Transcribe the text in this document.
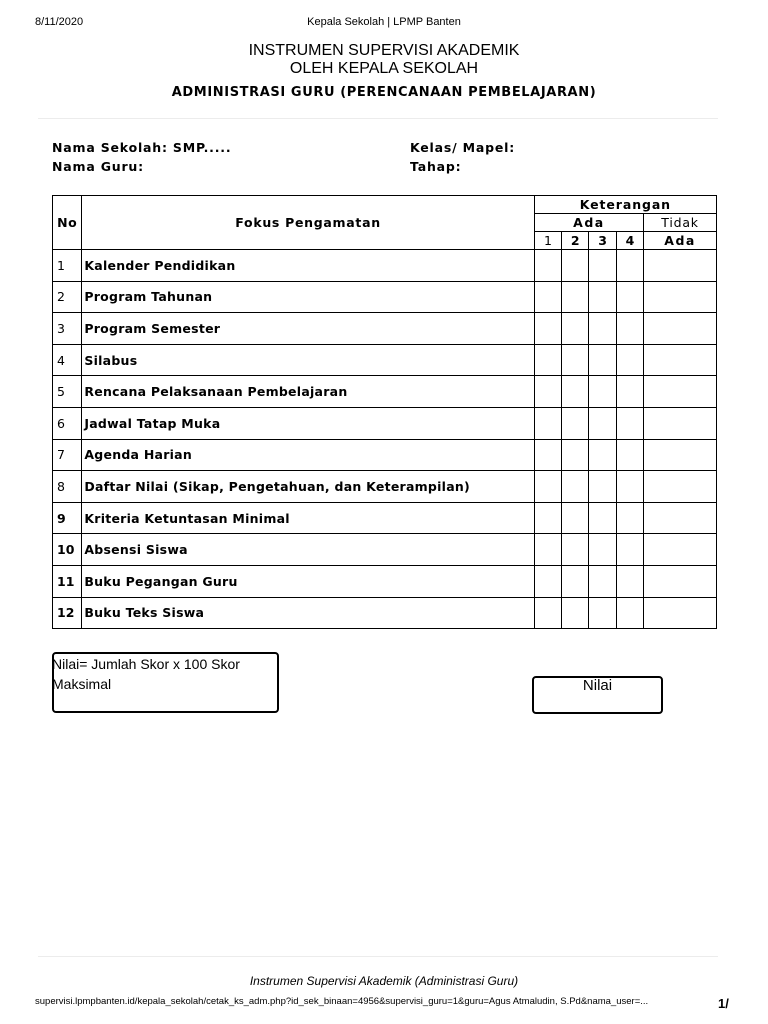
8/11/2020	Kepala Sekolah | LPMP Banten
INSTRUMEN SUPERVISI AKADEMIK
OLEH KEPALA SEKOLAH
ADMINISTRASI GURU (PERENCANAAN PEMBELAJARAN)
Nama Sekolah: SMP.....
Nama Guru:
Kelas/ Mapel:
Tahap:
No	Fokus Pengamatan	Keterangan				
		Ada				Tidak
		1	2	3	4	Ada
1	Kalender Pendidikan					
2	Program Tahunan					
3	Program Semester					
4	Silabus					
5	Rencana Pelaksanaan Pembelajaran					
6	Jadwal Tatap Muka					
7	Agenda Harian					
8	Daftar Nilai (Sikap, Pengetahuan, dan Keterampilan)					
9	Kriteria Ketuntasan Minimal					
10	Absensi Siswa					
11	Buku Pegangan Guru					
12	Buku Teks Siswa					
Nilai= Jumlah Skor x 100 Skor Maksimal	Nilai
Instrumen Supervisi Akademik (Administrasi Guru)
supervisi.lpmpbanten.id/kepala_sekolah/cetak_ks_adm.php?id_sek_binaan=4956&supervisi_guru=1&guru=Agus Atmaludin, S.Pd&nama_user=...	1/
